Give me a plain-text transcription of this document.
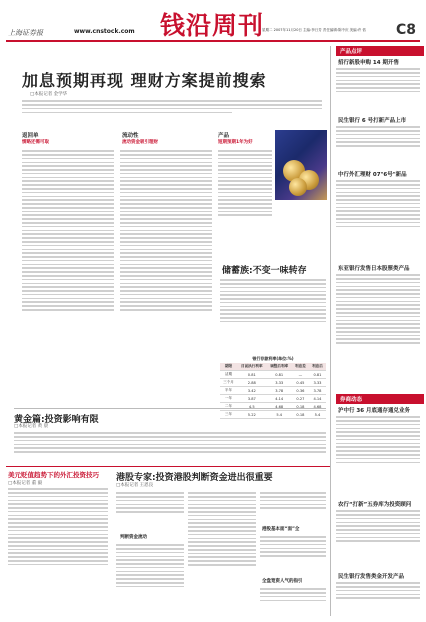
上海证券报	www.cnstock.com 钱沿周刊
星期二 2007年11月20日 主编:李日芳 责任编辑:陈中庆 美编:许 恬 C8
加息预期再现 理财方案提前搜索
□本报记者 金学华
返回单
惯略还需可取
流动性
流动资金吸引理财
产品
短期预期1年为好
储蓄族:不变一味转存
银行存款利率(单位:%)
期限	目前执行利率	调整后利率	利息差	利息后
活期	0.81	0.81	—	0.81
三个月	2.88	3.33	0.45	3.33
半年	3.42	3.78	0.36	3.78
一年	3.87	4.14	0.27	4.14
二年	4.5	4.68	0.18	4.68
三年	5.22	5.4	0.18	5.4
黄金篇:投资影响有限
□本报记者 黄 晨
美元贬值趋势下的外汇投资技巧
□本报记者 董 毅
港股专家:投资港股判断资金进出很重要
□本报记者 王恩良
判断资金流动
港股基本面“面”全
全盘宽资人气的指引
产品点评
招行新股申购 14 期开售
民生银行 6 号打新产品上市
中行外汇理财 07"6号"新品
东亚银行发售日本股票类产品
券商动态
沪中行 36 月底通存通兑业务
农行“打新”五券库为投资顾问
民生银行发售类金开发产品
